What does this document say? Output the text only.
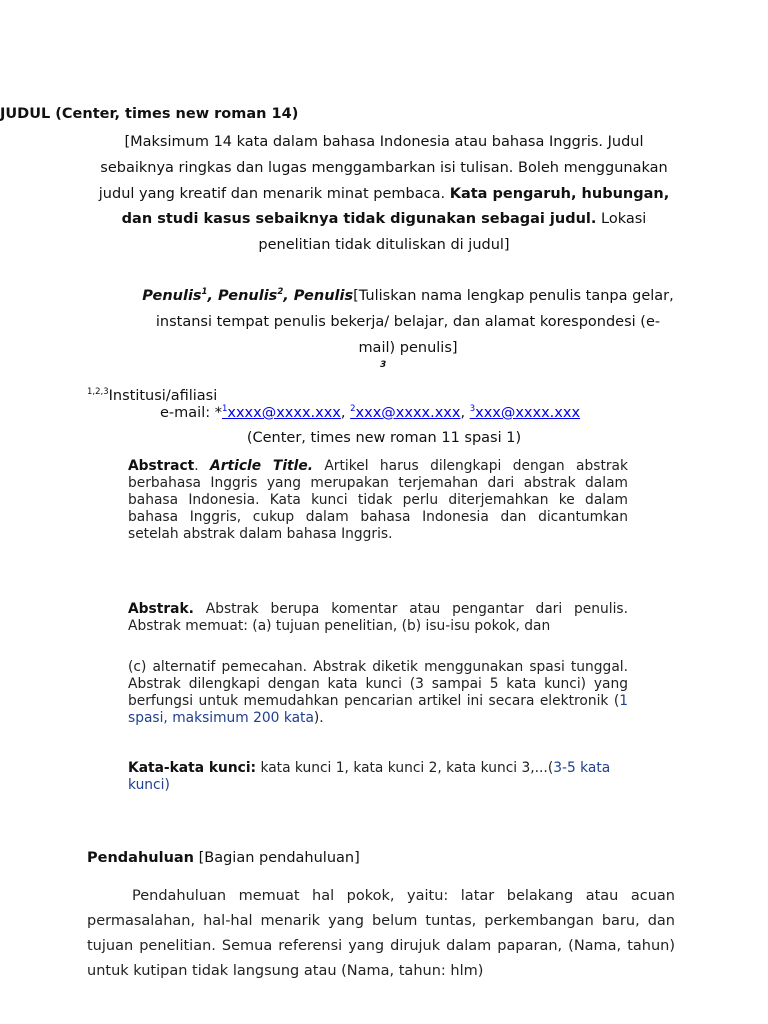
JUDUL (Center, times new roman 14)
[Maksimum 14 kata dalam bahasa Indonesia atau bahasa Inggris. Judul sebaiknya ringkas dan lugas menggambarkan isi tulisan. Boleh menggunakan judul yang kreatif dan menarik minat pembaca. Kata pengaruh, hubungan, dan studi kasus sebaiknya tidak digunakan sebagai judul. Lokasi penelitian tidak dituliskan di judul]
Penulis$^1$, Penulis$^2$, Penulis[Tuliskan nama lengkap penulis tanpa gelar, instansi tempat penulis bekerja/ belajar, dan alamat korespondesi (e-mail) penulis]
3
$^{1,2,3}$Institusi/afiliasi
e-mail: *$^1$xxxx@xxxx.xxx, $^2$xxx@xxxx.xxx, $^3$xxx@xxxx.xxx
(Center, times new roman 11 spasi 1)
Abstract. Article Title. Artikel harus dilengkapi dengan abstrak berbahasa Inggris yang merupakan terjemahan dari abstrak dalam bahasa Indonesia. Kata kunci tidak perlu diterjemahkan ke dalam bahasa Inggris, cukup dalam bahasa Indonesia dan dicantumkan setelah abstrak dalam bahasa Inggris.
Abstrak. Abstrak berupa komentar atau pengantar dari penulis. Abstrak memuat: (a) tujuan penelitian, (b) isu-isu pokok, dan
(c) alternatif pemecahan. Abstrak diketik menggunakan spasi tunggal. Abstrak dilengkapi dengan kata kunci (3 sampai 5 kata kunci) yang berfungsi untuk memudahkan pencarian artikel ini secara elektronik (1 spasi, maksimum 200 kata).
Kata-kata kunci: kata kunci 1, kata kunci 2, kata kunci 3,...(3-5 kata kunci)
Pendahuluan [Bagian pendahuluan]
Pendahuluan memuat hal pokok, yaitu: latar belakang atau acuan permasalahan, hal-hal menarik yang belum tuntas, perkembangan baru, dan tujuan penelitian. Semua referensi yang dirujuk dalam paparan, (Nama, tahun) untuk kutipan tidak langsung atau (Nama, tahun: hlm)
